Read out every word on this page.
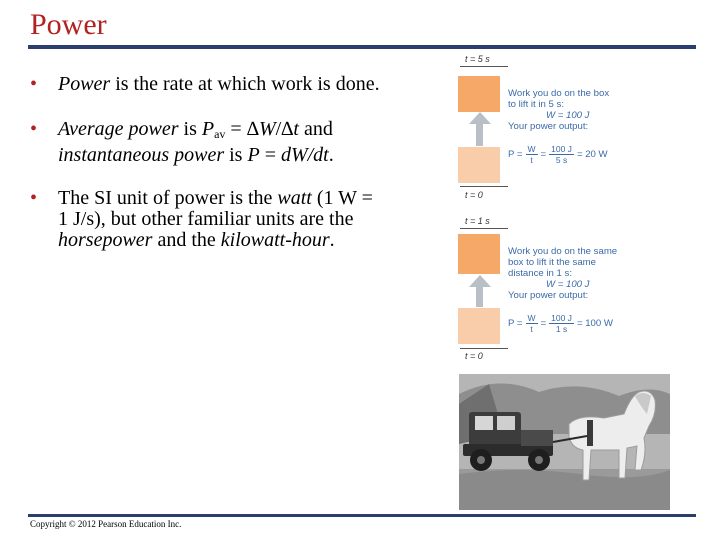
Power
• Power is the rate at which work is done.
• Average power is $P_{av} = \Delta W/\Delta t$ and instantaneous power is P = dW/dt.
• The SI unit of power is the watt (1 W = 1 J/s), but other familiar units are the horsepower and the kilowatt-hour.
t = 5 s
t = 0
Work you do on the box
to lift it in 5 s:
W = 100 J
Your power output:
$P = \frac{W}{t} = \frac{100 J}{5 s} = 20$ W
t = 1 s
t = 0
Work you do on the same
box to lift it the same
distance in 1 s:
W = 100 J
Your power output:
$P = \frac{W}{t} = \frac{100 J}{1 s} = 100$ W
Copyright © 2012 Pearson Education Inc.
